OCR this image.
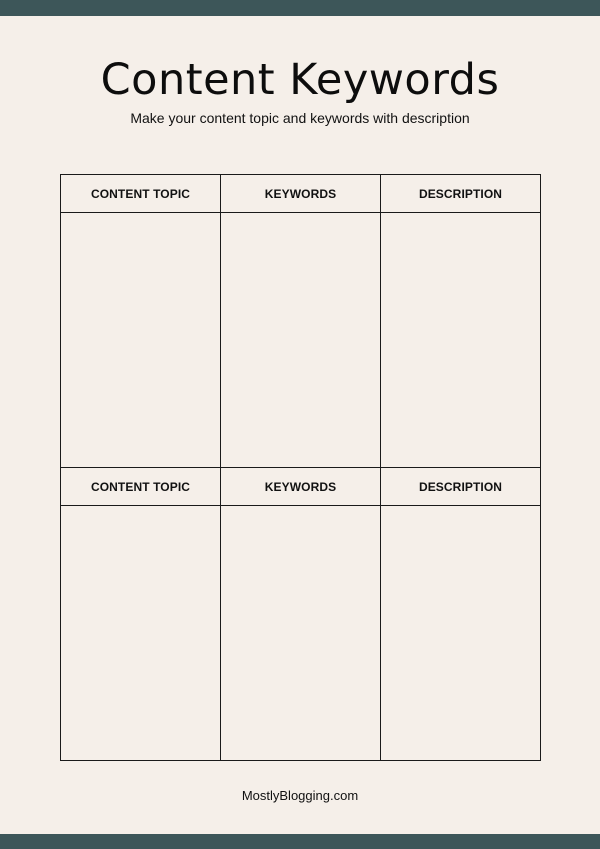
Content Keywords
Make your content topic and keywords with description
CONTENT TOPIC	KEYWORDS	DESCRIPTION

CONTENT TOPIC	KEYWORDS	DESCRIPTION

MostlyBlogging.com
